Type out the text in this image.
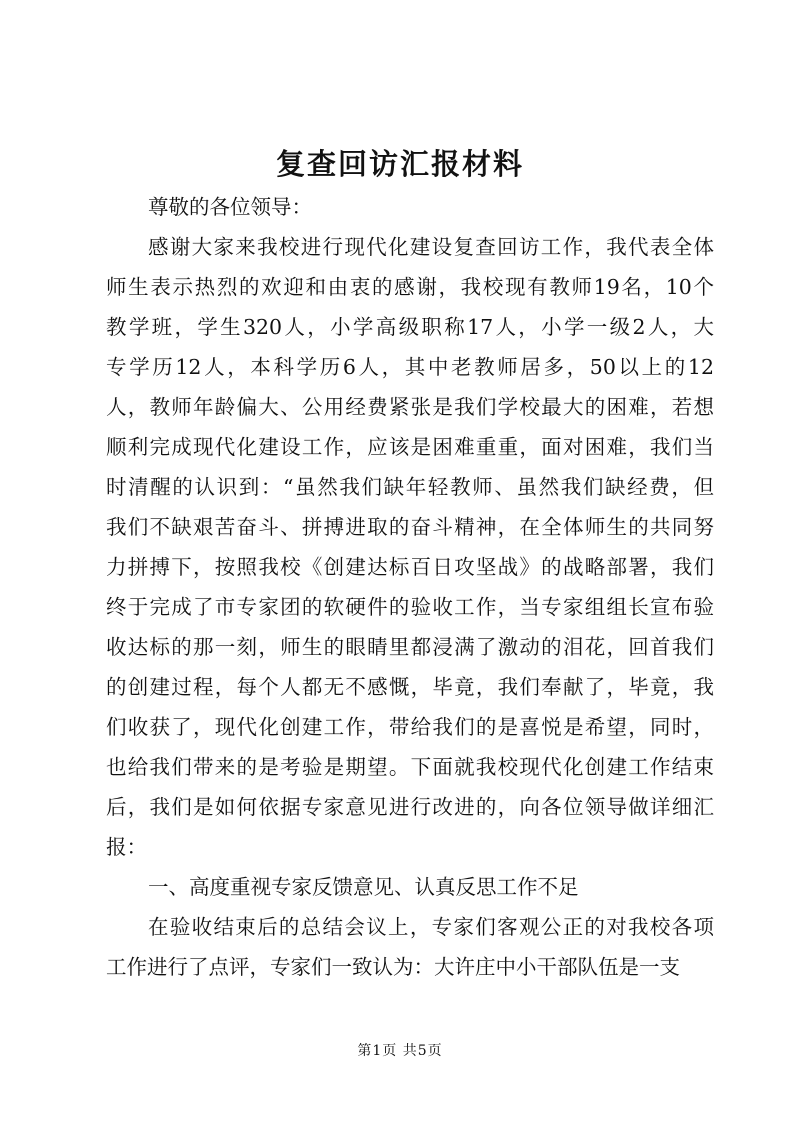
复查回访汇报材料
尊敬的各位领导：
感谢大家来我校进行现代化建设复查回访工作，我代表全体
师生表示热烈的欢迎和由衷的感谢，我校现有教师19名，10个
教学班，学生320人，小学高级职称17人，小学一级2人，大
专学历12人，本科学历6人，其中老教师居多，50以上的12
人，教师年龄偏大、公用经费紧张是我们学校最大的困难，若想
顺利完成现代化建设工作，应该是困难重重，面对困难，我们当
时清醒的认识到：“虽然我们缺年轻教师、虽然我们缺经费，但
我们不缺艰苦奋斗、拼搏进取的奋斗精神，在全体师生的共同努
力拼搏下，按照我校《创建达标百日攻坚战》的战略部署，我们
终于完成了市专家团的软硬件的验收工作，当专家组组长宣布验
收达标的那一刻，师生的眼睛里都浸满了激动的泪花，回首我们
的创建过程，每个人都无不感慨，毕竟，我们奉献了，毕竟，我
们收获了，现代化创建工作，带给我们的是喜悦是希望，同时，
也给我们带来的是考验是期望。下面就我校现代化创建工作结束
后，我们是如何依据专家意见进行改进的，向各位领导做详细汇
报：
一、高度重视专家反馈意见、认真反思工作不足
在验收结束后的总结会议上，专家们客观公正的对我校各项
工作进行了点评，专家们一致认为：大许庄中小干部队伍是一支
第1页 共5页
